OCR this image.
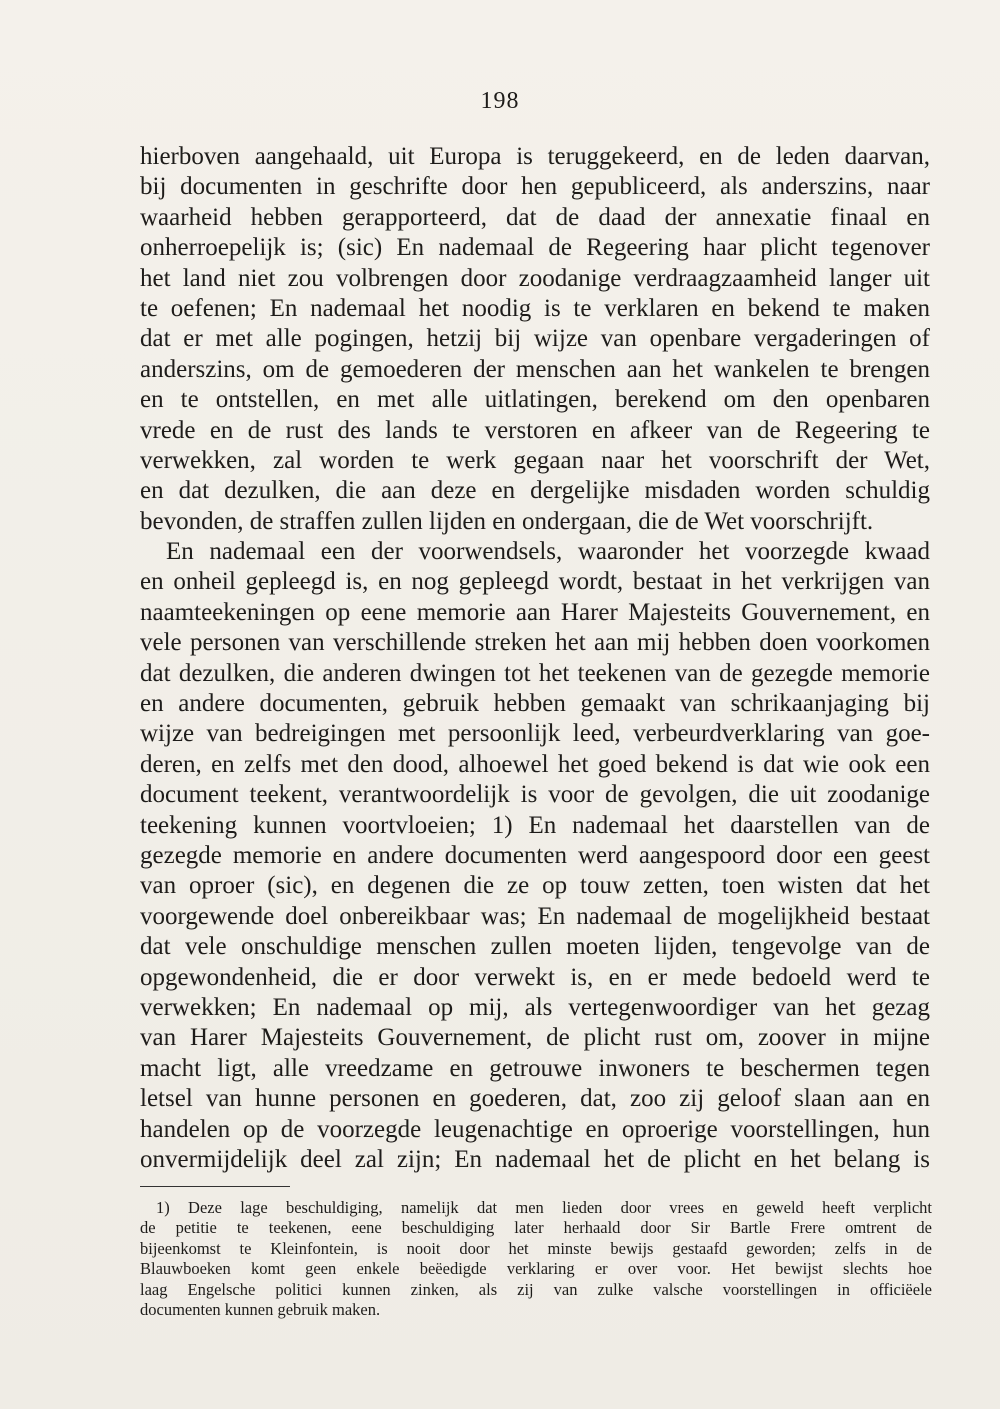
198
hierboven aangehaald, uit Europa is teruggekeerd, en de leden daarvan,
bij documenten in geschrifte door hen gepubliceerd, als anderszins, naar
waarheid hebben gerapporteerd, dat de daad der annexatie finaal en
onherroepelijk is; (sic) En nademaal de Regeering haar plicht tegenover
het land niet zou volbrengen door zoodanige verdraagzaamheid langer uit
te oefenen; En nademaal het noodig is te verklaren en bekend te maken
dat er met alle pogingen, hetzij bij wijze van openbare vergaderingen of
anderszins, om de gemoederen der menschen aan het wankelen te brengen
en te ontstellen, en met alle uitlatingen, berekend om den openbaren
vrede en de rust des lands te verstoren en afkeer van de Regeering te
verwekken, zal worden te werk gegaan naar het voorschrift der Wet,
en dat dezulken, die aan deze en dergelijke misdaden worden schuldig
bevonden, de straffen zullen lijden en ondergaan, die de Wet voorschrijft.
En nademaal een der voorwendsels, waaronder het voorzegde kwaad
en onheil gepleegd is, en nog gepleegd wordt, bestaat in het verkrijgen van
naamteekeningen op eene memorie aan Harer Majesteits Gouvernement, en
vele personen van verschillende streken het aan mij hebben doen voorkomen
dat dezulken, die anderen dwingen tot het teekenen van de gezegde memorie
en andere documenten, gebruik hebben gemaakt van schrikaanjaging bij
wijze van bedreigingen met persoonlijk leed, verbeurdverklaring van goe-
deren, en zelfs met den dood, alhoewel het goed bekend is dat wie ook een
document teekent, verantwoordelijk is voor de gevolgen, die uit zoodanige
teekening kunnen voortvloeien; 1) En nademaal het daarstellen van de
gezegde memorie en andere documenten werd aangespoord door een geest
van oproer (sic), en degenen die ze op touw zetten, toen wisten dat het
voorgewende doel onbereikbaar was; En nademaal de mogelijkheid bestaat
dat vele onschuldige menschen zullen moeten lijden, tengevolge van de
opgewondenheid, die er door verwekt is, en er mede bedoeld werd te
verwekken; En nademaal op mij, als vertegenwoordiger van het gezag
van Harer Majesteits Gouvernement, de plicht rust om, zoover in mijne
macht ligt, alle vreedzame en getrouwe inwoners te beschermen tegen
letsel van hunne personen en goederen, dat, zoo zij geloof slaan aan en
handelen op de voorzegde leugenachtige en oproerige voorstellingen, hun
onvermijdelijk deel zal zijn; En nademaal het de plicht en het belang is
1) Deze lage beschuldiging, namelijk dat men lieden door vrees en geweld heeft verplicht
de petitie te teekenen, eene beschuldiging later herhaald door Sir Bartle Frere omtrent de
bijeenkomst te Kleinfontein, is nooit door het minste bewijs gestaafd geworden; zelfs in de
Blauwboeken komt geen enkele beëedigde verklaring er over voor. Het bewijst slechts hoe
laag Engelsche politici kunnen zinken, als zij van zulke valsche voorstellingen in officiëele
documenten kunnen gebruik maken.
